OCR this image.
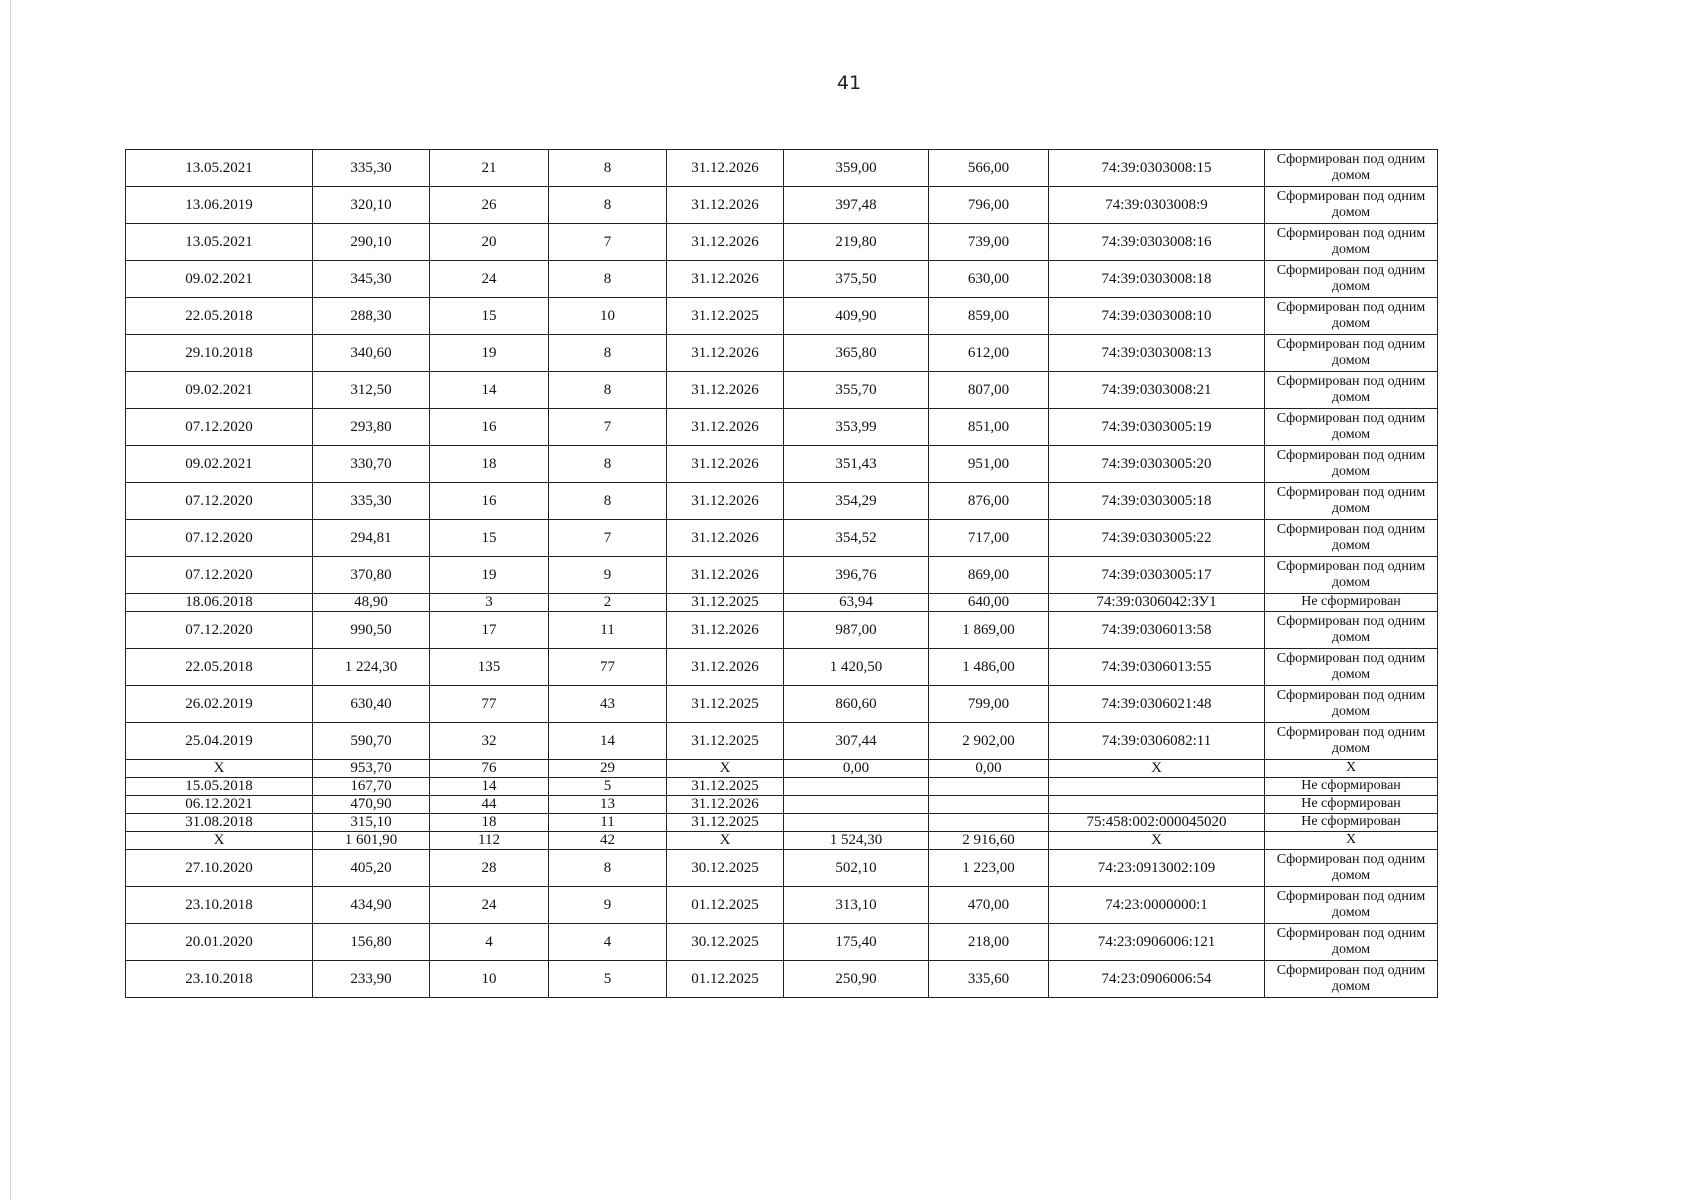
41
13.05.2021	335,30	21	8	31.12.2026	359,00	566,00	74:39:0303008:15	Сформирован под одним домом
13.06.2019	320,10	26	8	31.12.2026	397,48	796,00	74:39:0303008:9	Сформирован под одним домом
13.05.2021	290,10	20	7	31.12.2026	219,80	739,00	74:39:0303008:16	Сформирован под одним домом
09.02.2021	345,30	24	8	31.12.2026	375,50	630,00	74:39:0303008:18	Сформирован под одним домом
22.05.2018	288,30	15	10	31.12.2025	409,90	859,00	74:39:0303008:10	Сформирован под одним домом
29.10.2018	340,60	19	8	31.12.2026	365,80	612,00	74:39:0303008:13	Сформирован под одним домом
09.02.2021	312,50	14	8	31.12.2026	355,70	807,00	74:39:0303008:21	Сформирован под одним домом
07.12.2020	293,80	16	7	31.12.2026	353,99	851,00	74:39:0303005:19	Сформирован под одним домом
09.02.2021	330,70	18	8	31.12.2026	351,43	951,00	74:39:0303005:20	Сформирован под одним домом
07.12.2020	335,30	16	8	31.12.2026	354,29	876,00	74:39:0303005:18	Сформирован под одним домом
07.12.2020	294,81	15	7	31.12.2026	354,52	717,00	74:39:0303005:22	Сформирован под одним домом
07.12.2020	370,80	19	9	31.12.2026	396,76	869,00	74:39:0303005:17	Сформирован под одним домом
18.06.2018	48,90	3	2	31.12.2025	63,94	640,00	74:39:0306042:ЗУ1	Не сформирован
07.12.2020	990,50	17	11	31.12.2026	987,00	1 869,00	74:39:0306013:58	Сформирован под одним домом
22.05.2018	1 224,30	135	77	31.12.2026	1 420,50	1 486,00	74:39:0306013:55	Сформирован под одним домом
26.02.2019	630,40	77	43	31.12.2025	860,60	799,00	74:39:0306021:48	Сформирован под одним домом
25.04.2019	590,70	32	14	31.12.2025	307,44	2 902,00	74:39:0306082:11	Сформирован под одним домом
X	953,70	76	29	X	0,00	0,00	X	X
15.05.2018	167,70	14	5	31.12.2025				Не сформирован
06.12.2021	470,90	44	13	31.12.2026				Не сформирован
31.08.2018	315,10	18	11	31.12.2025			75:458:002:000045020	Не сформирован
X	1 601,90	112	42	X	1 524,30	2 916,60	X	X
27.10.2020	405,20	28	8	30.12.2025	502,10	1 223,00	74:23:0913002:109	Сформирован под одним домом
23.10.2018	434,90	24	9	01.12.2025	313,10	470,00	74:23:0000000:1	Сформирован под одним домом
20.01.2020	156,80	4	4	30.12.2025	175,40	218,00	74:23:0906006:121	Сформирован под одним домом
23.10.2018	233,90	10	5	01.12.2025	250,90	335,60	74:23:0906006:54	Сформирован под одним домом
